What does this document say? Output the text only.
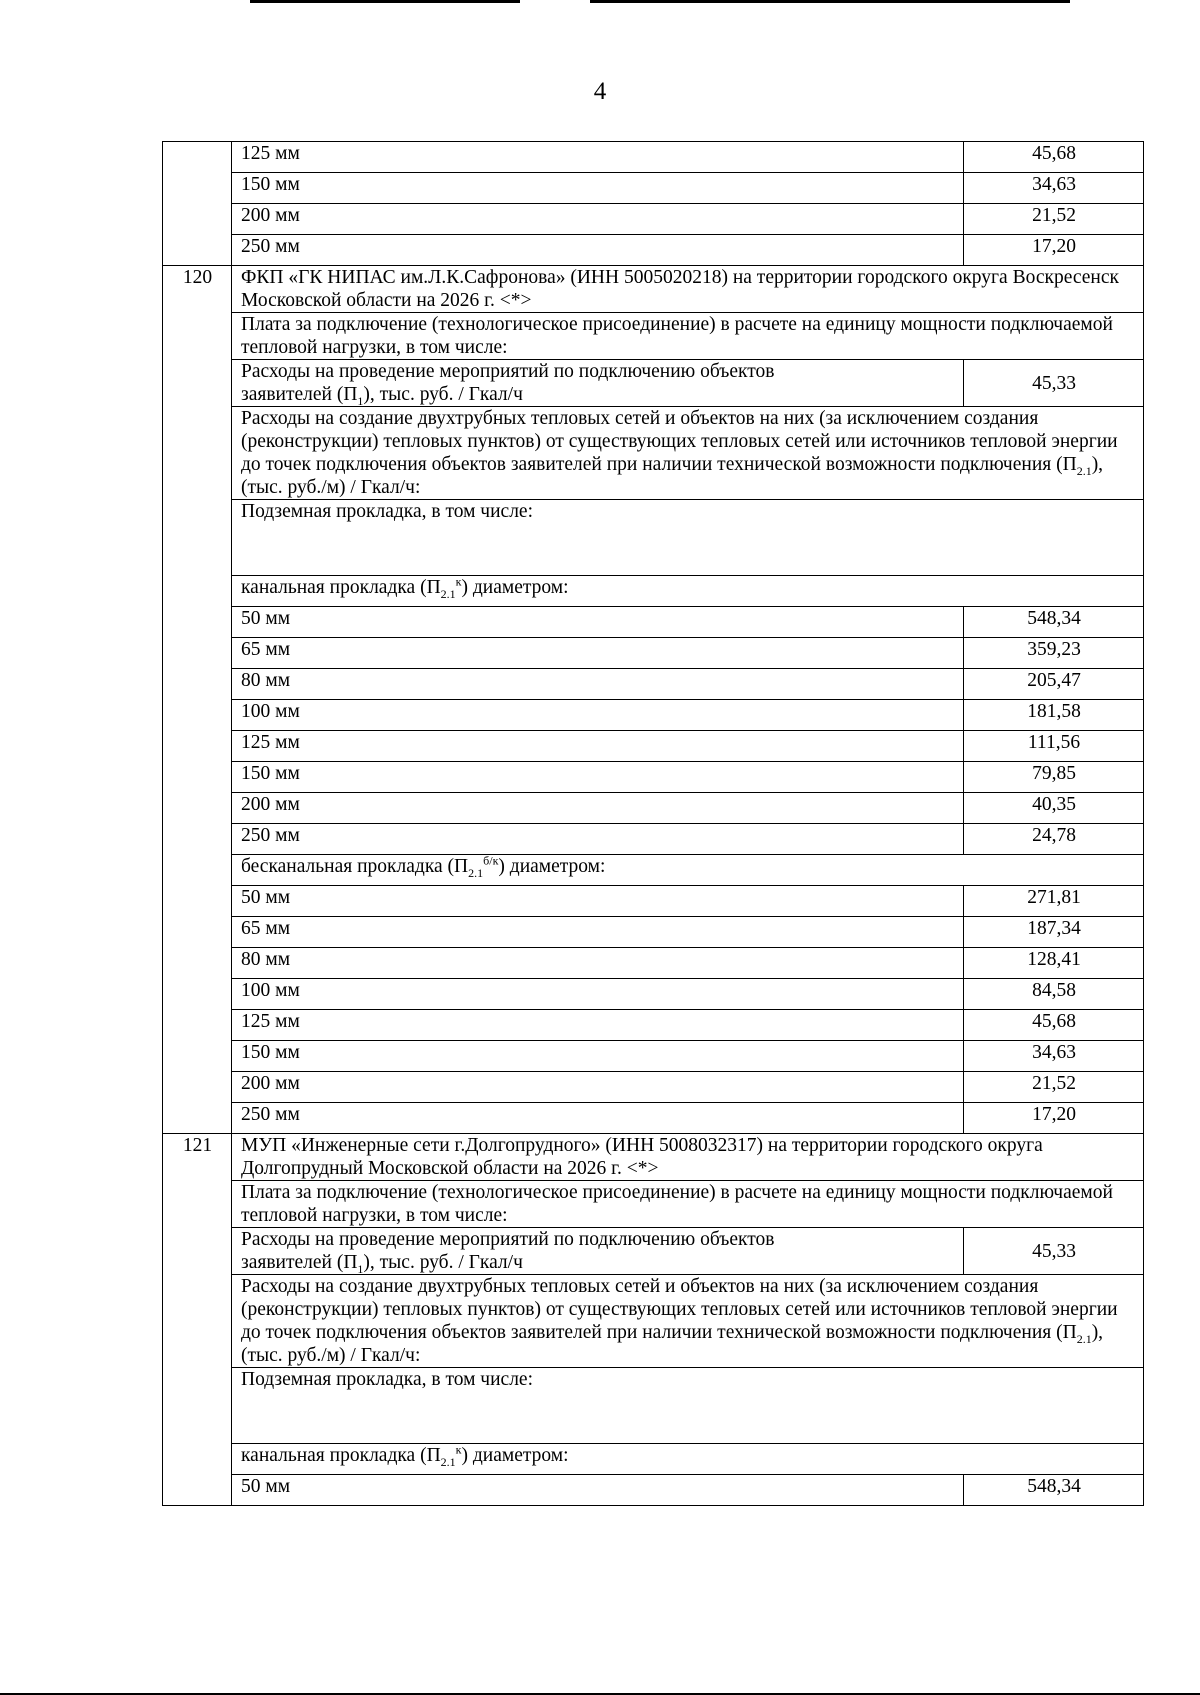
4
	125 мм	45,68
	150 мм	34,63
	200 мм	21,52
	250 мм	17,20
120	ФКП «ГК НИПАС им.Л.К.Сафронова» (ИНН 5005020218) на территории городского округа Воскресенск Московской области на 2026 г. <*>	
	Плата за подключение (технологическое присоединение) в расчете на единицу мощности подключаемой тепловой нагрузки, в том числе:	
	Расходы на проведение мероприятий по подключению объектов
заявителей $(П_1)$, тыс. руб. / Гкал/ч	45,33
	Расходы на создание двухтрубных тепловых сетей и объектов на них (за исключением создания (реконструкции) тепловых пунктов) от существующих тепловых сетей или источников тепловой энергии до точек подключения объектов заявителей при наличии технической возможности подключения $(П_{2.1})$, (тыс. руб./м) / Гкал/ч:	
	Подземная прокладка, в том числе:	
	канальная прокладка $(П_{2.1}^к)$ диаметром:	
	50 мм	548,34
	65 мм	359,23
	80 мм	205,47
	100 мм	181,58
	125 мм	111,56
	150 мм	79,85
	200 мм	40,35
	250 мм	24,78
	бесканальная прокладка $(П_{2.1}^{б/к})$ диаметром:	
	50 мм	271,81
	65 мм	187,34
	80 мм	128,41
	100 мм	84,58
	125 мм	45,68
	150 мм	34,63
	200 мм	21,52
	250 мм	17,20
121	МУП «Инженерные сети г.Долгопрудного» (ИНН 5008032317) на территории городского округа Долгопрудный Московской области на 2026 г. <*>	
	Плата за подключение (технологическое присоединение) в расчете на единицу мощности подключаемой тепловой нагрузки, в том числе:	
	Расходы на проведение мероприятий по подключению объектов
заявителей $(П_1)$, тыс. руб. / Гкал/ч	45,33
	Расходы на создание двухтрубных тепловых сетей и объектов на них (за исключением создания (реконструкции) тепловых пунктов) от существующих тепловых сетей или источников тепловой энергии до точек подключения объектов заявителей при наличии технической возможности подключения $(П_{2.1})$, (тыс. руб./м) / Гкал/ч:	
	Подземная прокладка, в том числе:	
	канальная прокладка $(П_{2.1}^к)$ диаметром:	
	50 мм	548,34
